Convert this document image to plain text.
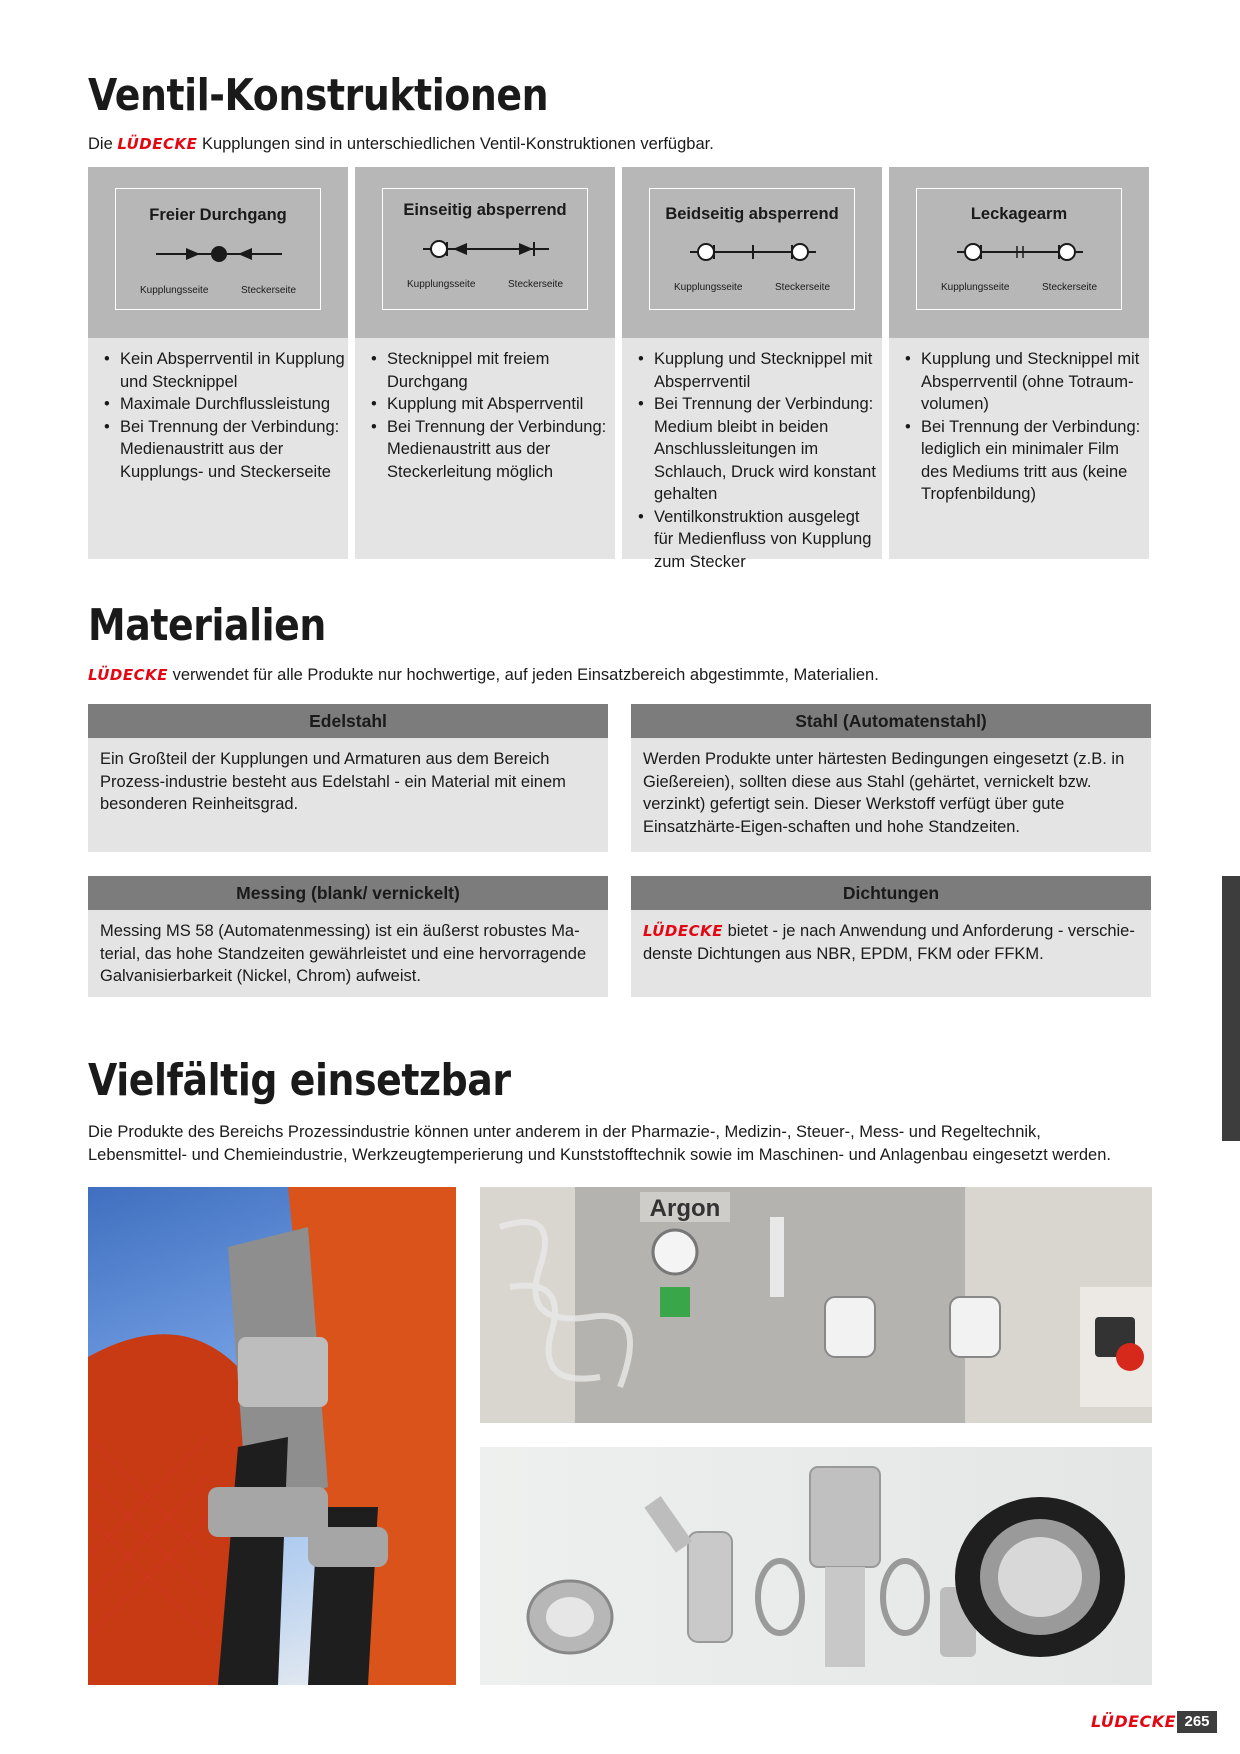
Ventil-Konstruktionen
Die LÜDECKE Kupplungen sind in unterschiedlichen Ventil-Konstruktionen verfügbar.
Freier Durchgang
Kupplungsseite	Steckerseite
• Kein Absperrventil in Kupplung und Stecknippel
• Maximale Durchflussleistung
• Bei Trennung der Verbindung: Medienaustritt aus der Kupplungs- und Steckerseite
Einseitig absperrend
Kupplungsseite	Steckerseite
• Stecknippel mit freiem Durchgang
• Kupplung mit Absperrventil
• Bei Trennung der Verbindung: Medienaustritt aus der Steckerleitung möglich
Beidseitig absperrend
Kupplungsseite	Steckerseite
• Kupplung und Stecknippel mit Absperrventil
• Bei Trennung der Verbindung: Medium bleibt in beiden Anschlussleitungen im Schlauch, Druck wird konstant gehalten
• Ventilkonstruktion ausgelegt für Medienfluss von Kupplung zum Stecker
Leckagearm
Kupplungsseite	Steckerseite
• Kupplung und Stecknippel mit Absperrventil (ohne Totraum-volumen)
• Bei Trennung der Verbindung: lediglich ein minimaler Film des Mediums tritt aus (keine Tropfenbildung)
Materialien
LÜDECKE verwendet für alle Produkte nur hochwertige, auf jeden Einsatzbereich abgestimmte, Materialien.
Edelstahl
Ein Großteil der Kupplungen und Armaturen aus dem Bereich Prozess-industrie besteht aus Edelstahl - ein Material mit einem besonderen Reinheitsgrad.
Stahl (Automatenstahl)
Werden Produkte unter härtesten Bedingungen eingesetzt (z.B. in Gießereien), sollten diese aus Stahl (gehärtet, vernickelt bzw. verzinkt) gefertigt sein. Dieser Werkstoff verfügt über gute Einsatzhärte-Eigen-schaften und hohe Standzeiten.
Messing (blank/ vernickelt)
Messing MS 58 (Automatenmessing) ist ein äußerst robustes Ma-terial, das hohe Standzeiten gewährleistet und eine hervorragende Galvanisierbarkeit (Nickel, Chrom) aufweist.
Dichtungen
LÜDECKE bietet - je nach Anwendung und Anforderung - verschie-denste Dichtungen aus NBR, EPDM, FKM oder FFKM.
Vielfältig einsetzbar
Die Produkte des Bereichs Prozessindustrie können unter anderem in der Pharmazie-, Medizin-, Steuer-, Mess- und Regeltechnik, Lebensmittel- und Chemieindustrie, Werkzeugtemperierung und Kunststofftechnik sowie im Maschinen- und Anlagenbau eingesetzt werden.
Argon
LÜDECKE 265
